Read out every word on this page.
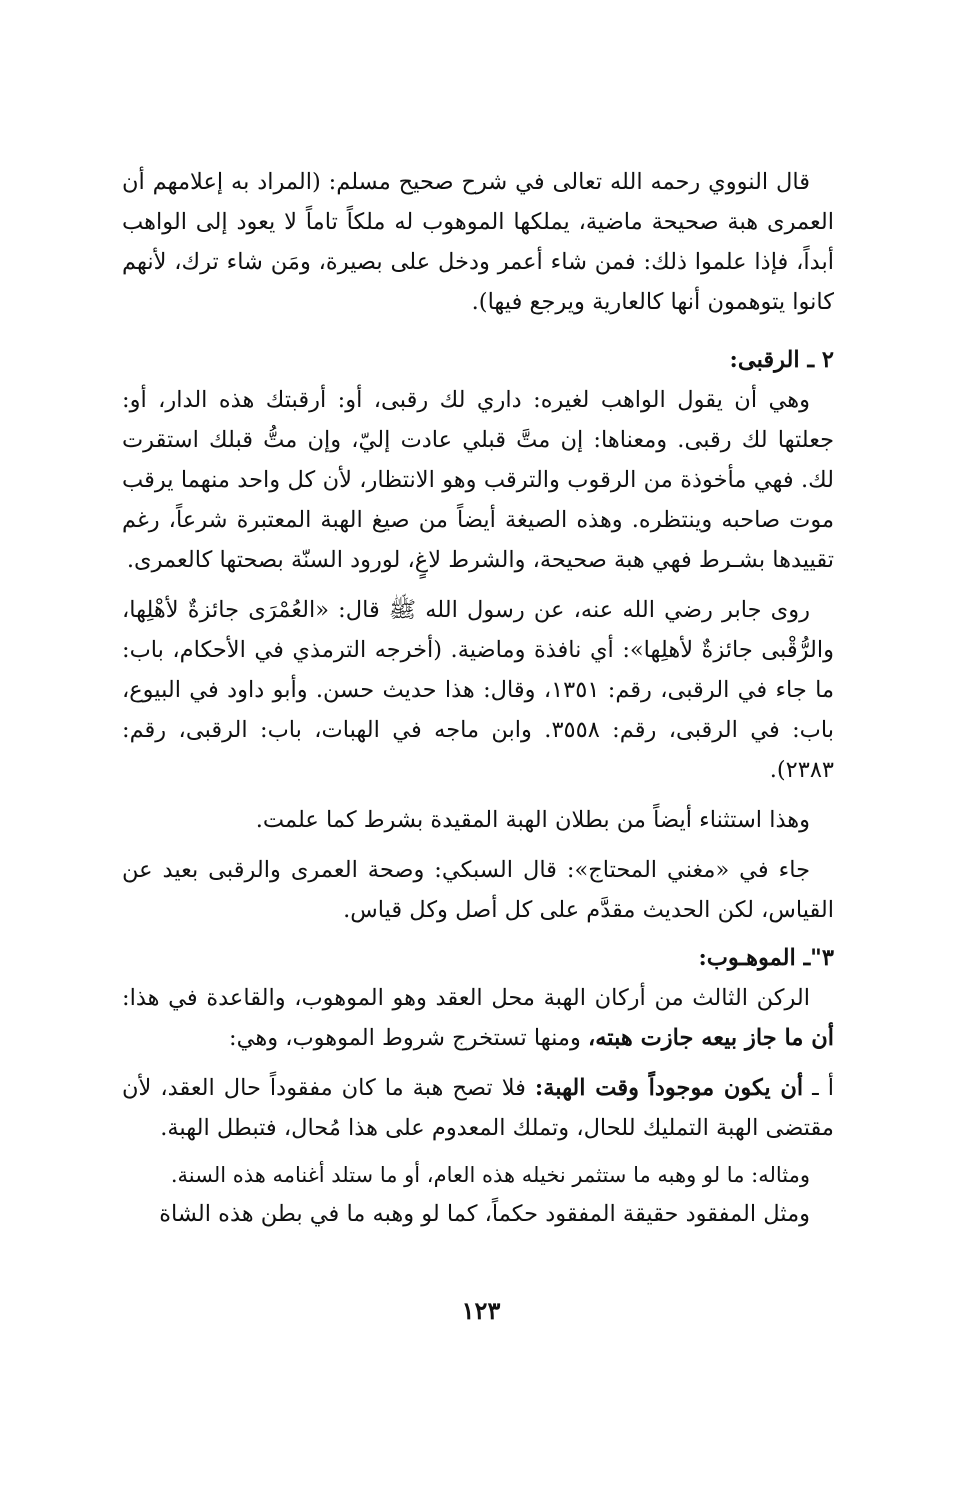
قال النووي رحمه الله تعالى في شرح صحيح مسلم: (المراد به إعلامهم أن العمرى هبة صحيحة ماضية، يملكها الموهوب له ملكاً تاماً لا يعود إلى الواهب أبداً، فإذا علموا ذلك: فمن شاء أعمر ودخل على بصيرة، ومَن شاء ترك، لأنهم كانوا يتوهمون أنها كالعارية ويرجع فيها).

٢ ـ الرقبى:

وهي أن يقول الواهب لغيره: داري لك رقبى، أو: أرقبتك هذه الدار، أو: جعلتها لك رقبى. ومعناها: إن متَّ قبلي عادت إليّ، وإن متُّ قبلك استقرت لك. فهي مأخوذة من الرقوب والترقب وهو الانتظار، لأن كل واحد منهما يرقب موت صاحبه وينتظره. وهذه الصيغة أيضاً من صيغ الهبة المعتبرة شرعاً، رغم تقييدها بشـرط فهي هبة صحيحة، والشرط لاغٍ، لورود السنّة بصحتها كالعمرى.

روى جابر رضي الله عنه، عن رسول الله ﷺ قال: «العُمْرَى جائزةٌ لأهْلِها، والرُّقْبى جائزةٌ لأهلِها»: أي نافذة وماضية. (أخرجه الترمذي في الأحكام، باب: ما جاء في الرقبى، رقم: ١٣٥١، وقال: هذا حديث حسن. وأبو داود في البيوع، باب: في الرقبى، رقم: ٣٥٥٨. وابن ماجه في الهبات، باب: الرقبى، رقم: ٢٣٨٣).

وهذا استثناء أيضاً من بطلان الهبة المقيدة بشرط كما علمت.

جاء في «مغني المحتاج»: قال السبكي: وصحة العمرى والرقبى بعيد عن القياس، لكن الحديث مقدَّم على كل أصل وكل قياس.

٣"ـ الموهـوب:

الركن الثالث من أركان الهبة محل العقد وهو الموهوب، والقاعدة في هذا: أن ما جاز بيعه جازت هبته، ومنها تستخرج شروط الموهوب، وهي:

أ ـ أن يكون موجوداً وقت الهبة: فلا تصح هبة ما كان مفقوداً حال العقد، لأن مقتضى الهبة التمليك للحال، وتملك المعدوم على هذا مُحال، فتبطل الهبة.

ومثاله: ما لو وهبه ما ستثمر نخيله هذه العام، أو ما ستلد أغنامه هذه السنة.

ومثل المفقود حقيقة المفقود حكماً، كما لو وهبه ما في بطن هذه الشاة

١٢٣
